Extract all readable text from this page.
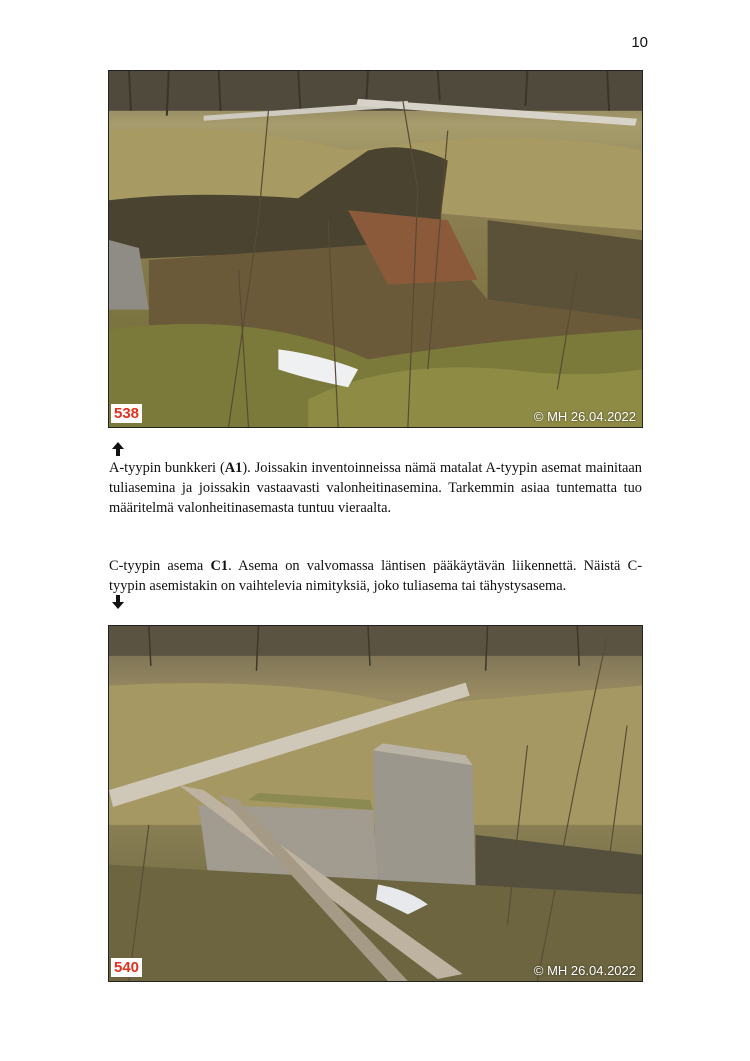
10
538	© MH 26.04.2022

A-tyypin bunkkeri (A1). Joissakin inventoinneissa nämä matalat A-tyypin asemat mainitaan tuliasemina ja joissakin vastaavasti valonheitinasemina. Tarkemmin asiaa tuntematta tuo määritelmä valonheitinasemasta tuntuu vieraalta.

C-tyypin asema C1. Asema on valvomassa läntisen pääkäytävän liikennettä. Näistä C-tyypin asemistakin on vaihtelevia nimityksiä, joko tuliasema tai tähystysasema.

540	© MH 26.04.2022
